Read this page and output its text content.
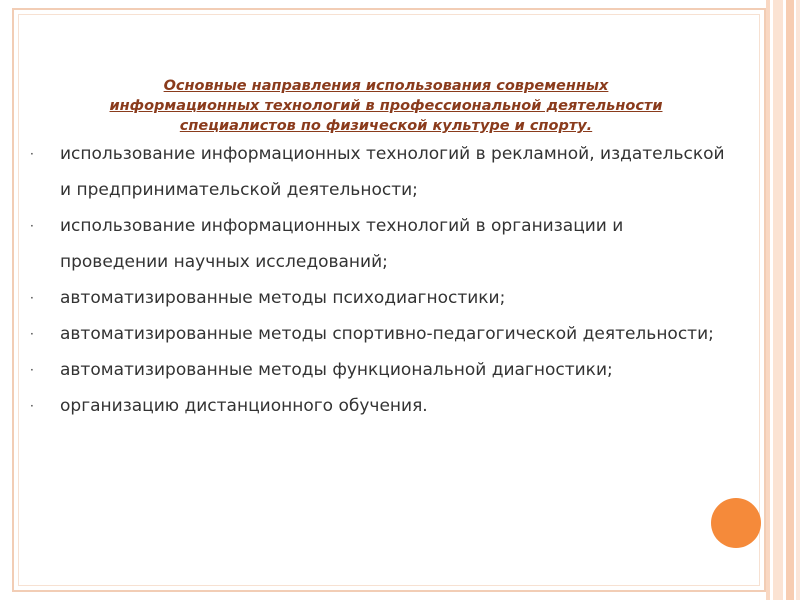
Основные направления использования современных
информационных технологий в профессиональной деятельности
специалистов по физической культуре и спорту.
· использование информационных технологий в рекламной, издательской и предпринимательской деятельности;
· использование информационных технологий в организации и проведении научных исследований;
· автоматизированные методы психодиагностики;
· автоматизированные методы спортивно-педагогической деятельности;
· автоматизированные методы функциональной диагностики;
· организацию дистанционного обучения.
